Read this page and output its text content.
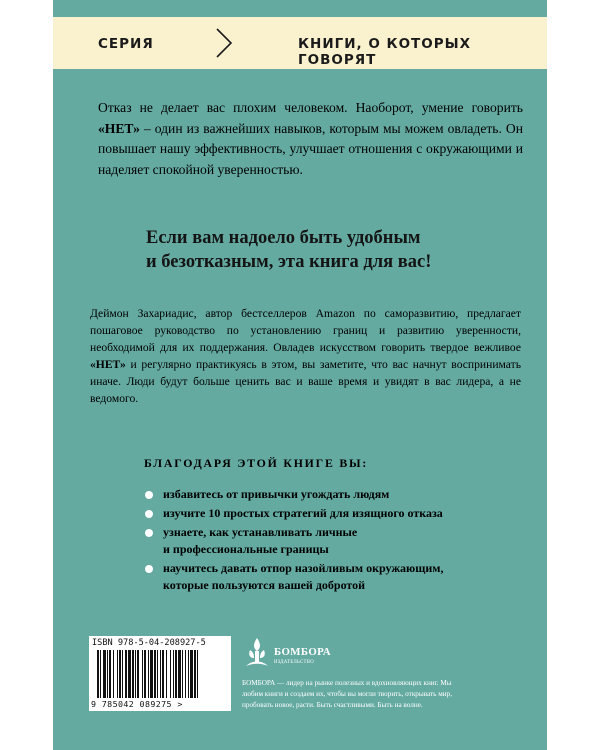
СЕРИЯ	КНИГИ, О КОТОРЫХ ГОВОРЯТ

Отказ не делает вас плохим человеком. Наоборот, умение говорить «НЕТ» – один из важнейших навыков, которым мы можем овладеть. Он повышает нашу эффективность, улучшает отношения с окружающими и наделяет спокойной уверенностью.

Если вам надоело быть удобным
и безотказным, эта книга для вас!

Деймон Захариадис, автор бестселлеров Amazon по саморазвитию, предлагает пошаговое руководство по установлению границ и развитию уверенности, необходимой для их поддержания. Овладев искусством говорить твердое вежливое «НЕТ» и регулярно практикуясь в этом, вы заметите, что вас начнут воспринимать иначе. Люди будут больше ценить вас и ваше время и увидят в вас лидера, а не ведомого.

БЛАГОДАРЯ ЭТОЙ КНИГЕ ВЫ:
избавитесь от привычки угождать людям
изучите 10 простых стратегий для изящного отказа
узнаете, как устанавливать личные
и профессиональные границы
научитесь давать отпор назойливым окружающим,
которые пользуются вашей добротой
ISBN 978-5-04-208927-5
9 785042 089275 >
БОМБОРА
ИЗДАТЕЛЬСТВО
БОМБОРА — лидер на рынке полезных и вдохновляющих книг. Мы любим книги и создаем их, чтобы вы могли творить, открывать мир, пробовать новое, расти. Быть счастливыми. Быть на волне.
